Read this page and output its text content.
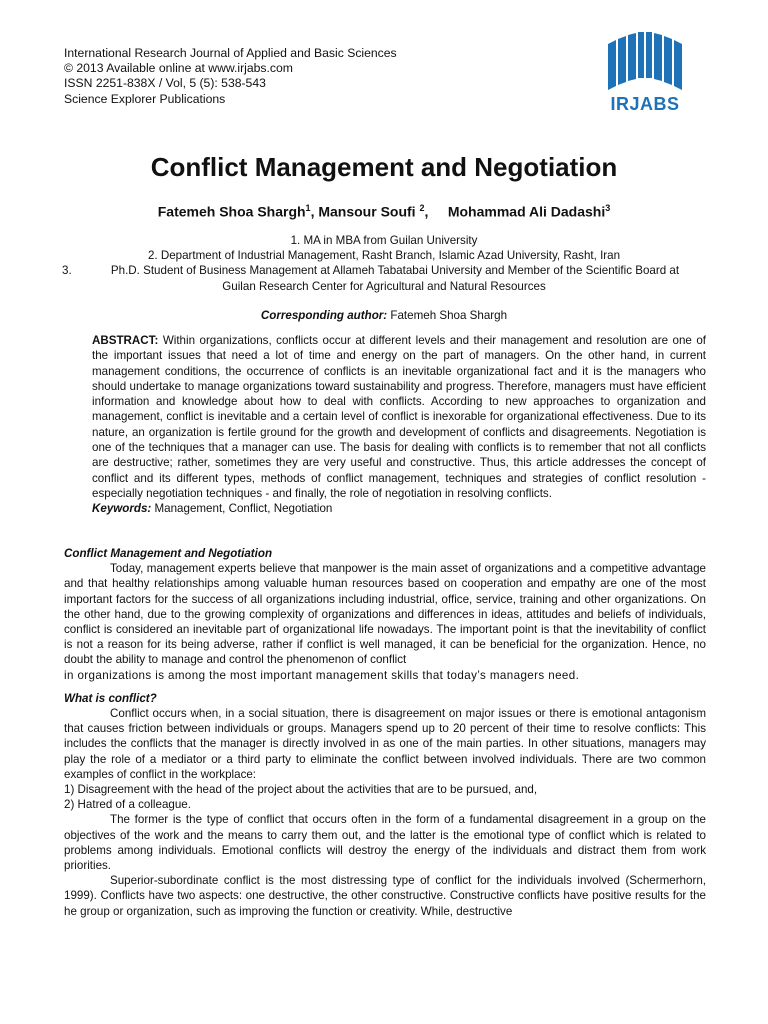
International Research Journal of Applied and Basic Sciences
© 2013 Available online at www.irjabs.com
ISSN 2251-838X / Vol, 5 (5): 538-543
Science Explorer Publications	IRJABS
Conflict Management and Negotiation
Fatemeh Shoa Shargh$^1$, Mansour Soufi $^2$,     Mohammad Ali Dadashi$^3$
1. MA in MBA from Guilan University
2. Department of Industrial Management, Rasht Branch, Islamic Azad University, Rasht, Iran
3.	Ph.D. Student of Business Management at Allameh Tabatabai University and Member of the Scientific Board at
Guilan Research Center for Agricultural and Natural Resources
Corresponding author: Fatemeh Shoa Shargh
ABSTRACT: Within organizations, conflicts occur at different levels and their management and resolution are one of the important issues that need a lot of time and energy on the part of managers. On the other hand, in current management conditions, the occurrence of conflicts is an inevitable organizational fact and it is the managers who should undertake to manage organizations toward sustainability and progress. Therefore, managers must have efficient information and knowledge about how to deal with conflicts. According to new approaches to organization and management, conflict is inevitable and a certain level of conflict is inexorable for organizational effectiveness. Due to its nature, an organization is fertile ground for the growth and development of conflicts and disagreements. Negotiation is one of the techniques that a manager can use. The basis for dealing with conflicts is to remember that not all conflicts are destructive; rather, sometimes they are very useful and constructive. Thus, this article addresses the concept of conflict and its different types, methods of conflict management, techniques and strategies of conflict resolution - especially negotiation techniques - and finally, the role of negotiation in resolving conflicts.
Keywords: Management, Conflict, Negotiation
Conflict Management and Negotiation

Today, management experts believe that manpower is the main asset of organizations and a competitive advantage and that healthy relationships among valuable human resources based on cooperation and empathy are one of the most important factors for the success of all organizations including industrial, office, service, training and other organizations. On the other hand, due to the growing complexity of organizations and differences in ideas, attitudes and beliefs of individuals, conflict is considered an inevitable part of organizational life nowadays. The important point is that the inevitability of conflict is not a reason for its being adverse, rather if conflict is well managed, it can be beneficial for the organization. Hence, no doubt the ability to manage and control the phenomenon of conflict

in organizations is among the most important management skills that today’s managers need.

What is conflict?

Conflict occurs when, in a social situation, there is disagreement on major issues or there is emotional antagonism that causes friction between individuals or groups. Managers spend up to 20 percent of their time to resolve conflicts: This includes the conflicts that the manager is directly involved in as one of the main parties. In other situations, managers may play the role of a mediator or a third party to eliminate the conflict between involved individuals. There are two common examples of conflict in the workplace:

1) Disagreement with the head of the project about the activities that are to be pursued, and,

2) Hatred of a colleague.

The former is the type of conflict that occurs often in the form of a fundamental disagreement in a group on the objectives of the work and the means to carry them out, and the latter is the emotional type of conflict which is related to problems among individuals. Emotional conflicts will destroy the energy of the individuals and distract them from work priorities.

Superior-subordinate conflict is the most distressing type of conflict for the individuals involved (Schermerhorn, 1999). Conflicts have two aspects: one destructive, the other constructive. Constructive conflicts have positive results for the he group or organization, such as improving the function or creativity. While, destructive
